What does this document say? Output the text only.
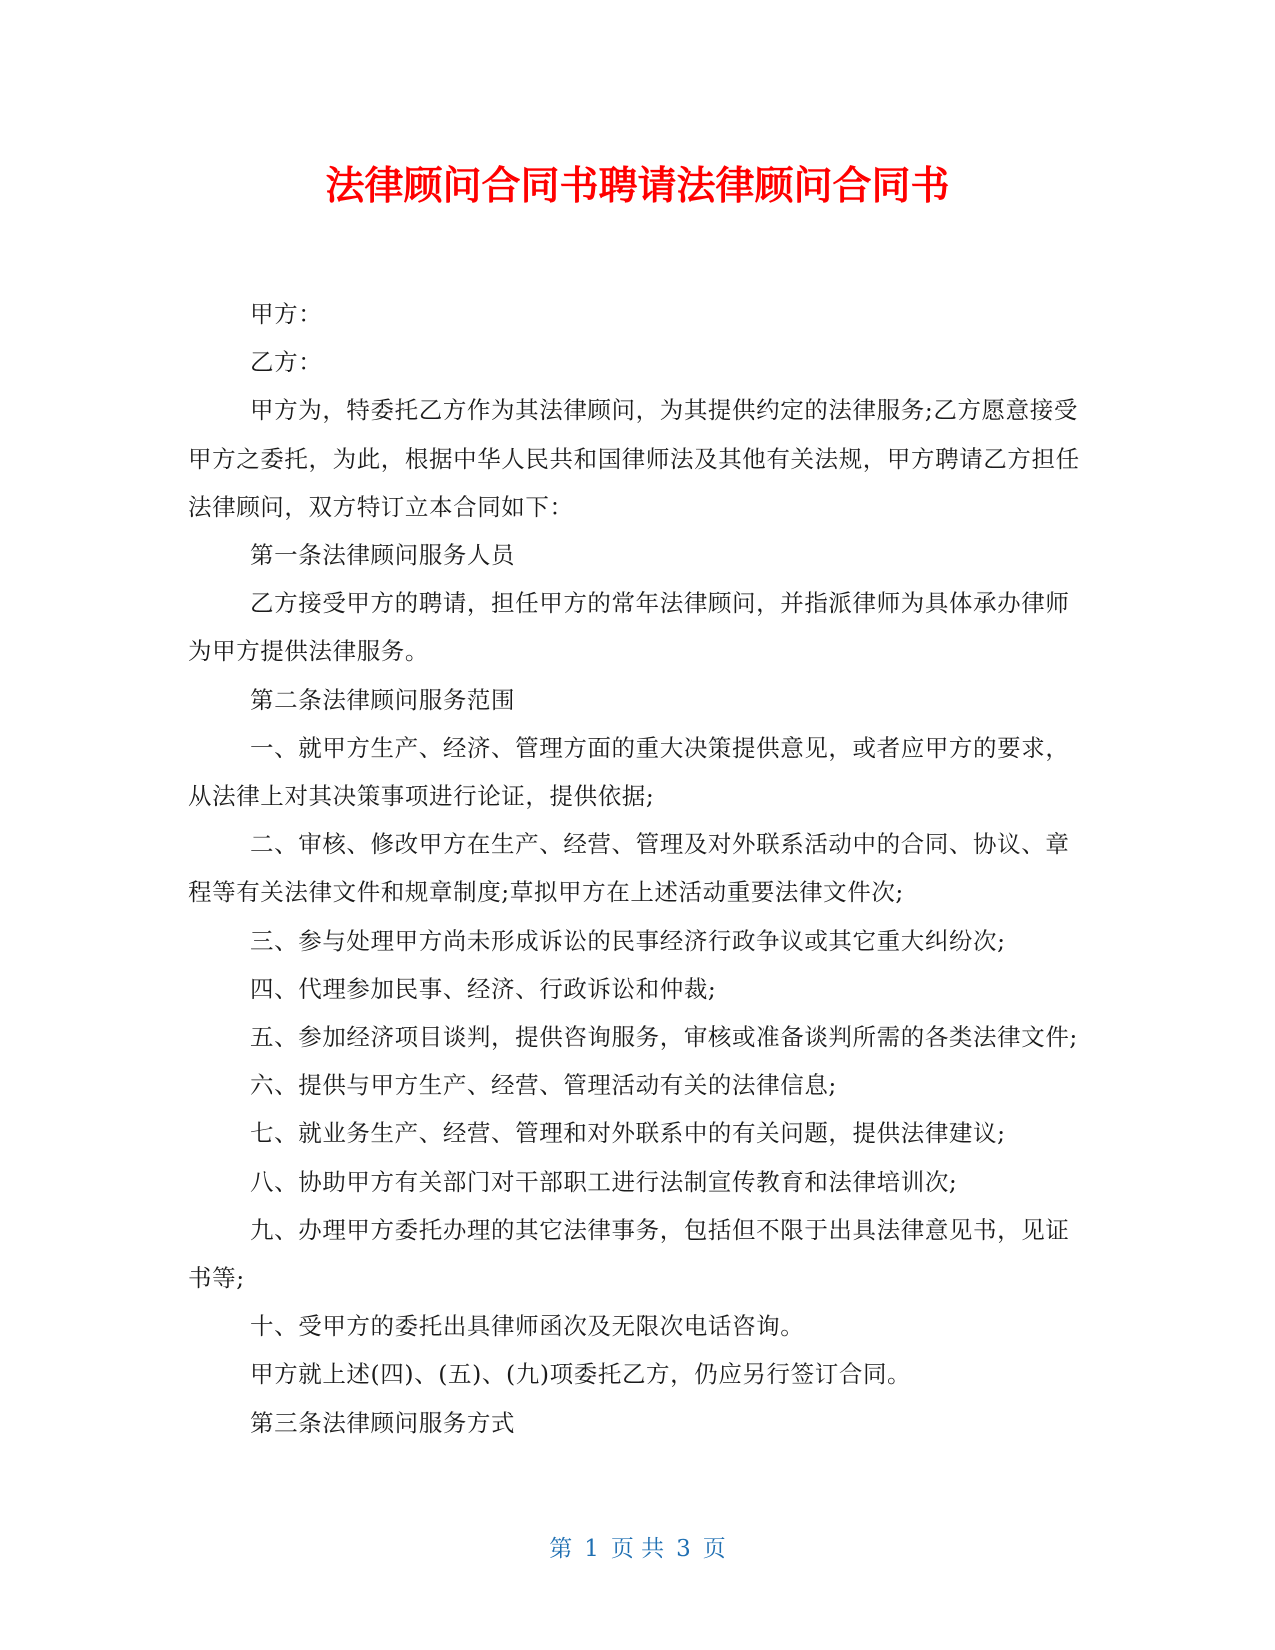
法律顾问合同书聘请法律顾问合同书

甲方：

乙方：

甲方为，特委托乙方作为其法律顾问，为其提供约定的法律服务;乙方愿意接受甲方之委托，为此，根据中华人民共和国律师法及其他有关法规，甲方聘请乙方担任法律顾问，双方特订立本合同如下：

第一条法律顾问服务人员

乙方接受甲方的聘请，担任甲方的常年法律顾问，并指派律师为具体承办律师为甲方提供法律服务。

第二条法律顾问服务范围

一、就甲方生产、经济、管理方面的重大决策提供意见，或者应甲方的要求，从法律上对其决策事项进行论证，提供依据;

二、审核、修改甲方在生产、经营、管理及对外联系活动中的合同、协议、章程等有关法律文件和规章制度;草拟甲方在上述活动重要法律文件次;

三、参与处理甲方尚未形成诉讼的民事经济行政争议或其它重大纠纷次;

四、代理参加民事、经济、行政诉讼和仲裁;

五、参加经济项目谈判，提供咨询服务，审核或准备谈判所需的各类法律文件;

六、提供与甲方生产、经营、管理活动有关的法律信息;

七、就业务生产、经营、管理和对外联系中的有关问题，提供法律建议;

八、协助甲方有关部门对干部职工进行法制宣传教育和法律培训次;

九、办理甲方委托办理的其它法律事务，包括但不限于出具法律意见书，见证书等;

十、受甲方的委托出具律师函次及无限次电话咨询。

甲方就上述(四)、(五)、(九)项委托乙方，仍应另行签订合同。

第三条法律顾问服务方式

第 1 页 共 3 页
